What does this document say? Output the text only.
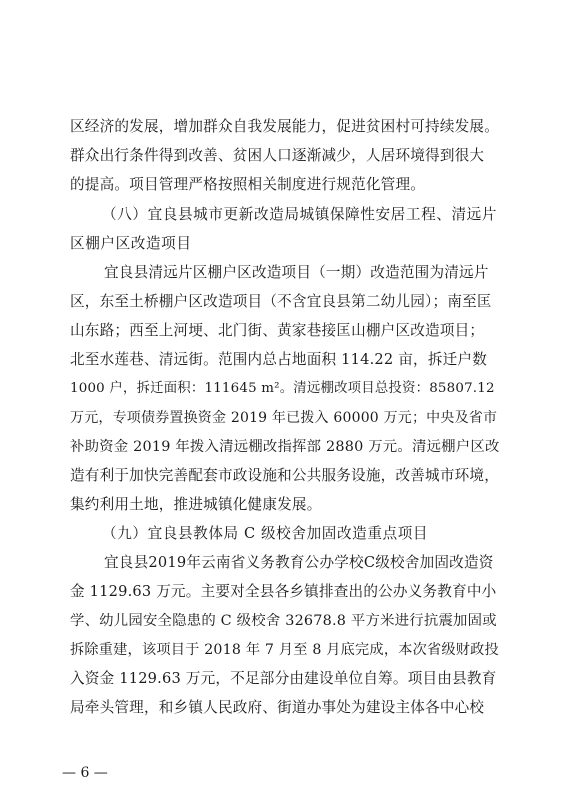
区经济的发展，增加群众自我发展能力，促进贫困村可持续发展。
群众出行条件得到改善、贫困人口逐渐减少，人居环境得到很大
的提高。项目管理严格按照相关制度进行规范化管理。
（八）宜良县城市更新改造局城镇保障性安居工程、清远片
区棚户区改造项目
宜良县清远片区棚户区改造项目（一期）改造范围为清远片
区，东至土桥棚户区改造项目（不含宜良县第二幼儿园）；南至匡
山东路；西至上河埂、北门街、黄家巷接匡山棚户区改造项目；
北至水莲巷、清远街。范围内总占地面积 114.22 亩，拆迁户数
1000 户，拆迁面积：111645 m²。清远棚改项目总投资：85807.12
万元，专项债券置换资金 2019 年已拨入 60000 万元；中央及省市
补助资金 2019 年拨入清远棚改指挥部 2880 万元。清远棚户区改
造有利于加快完善配套市政设施和公共服务设施，改善城市环境，
集约利用土地，推进城镇化健康发展。
（九）宜良县教体局 C 级校舍加固改造重点项目
宜良县2019年云南省义务教育公办学校C级校舍加固改造资
金 1129.63 万元。主要对全县各乡镇排查出的公办义务教育中小
学、幼儿园安全隐患的 C 级校舍 32678.8 平方米进行抗震加固或
拆除重建，该项目于 2018 年 7 月至 8 月底完成，本次省级财政投
入资金 1129.63 万元，不足部分由建设单位自筹。项目由县教育
局牵头管理，和乡镇人民政府、街道办事处为建设主体各中心校
— 6 —
